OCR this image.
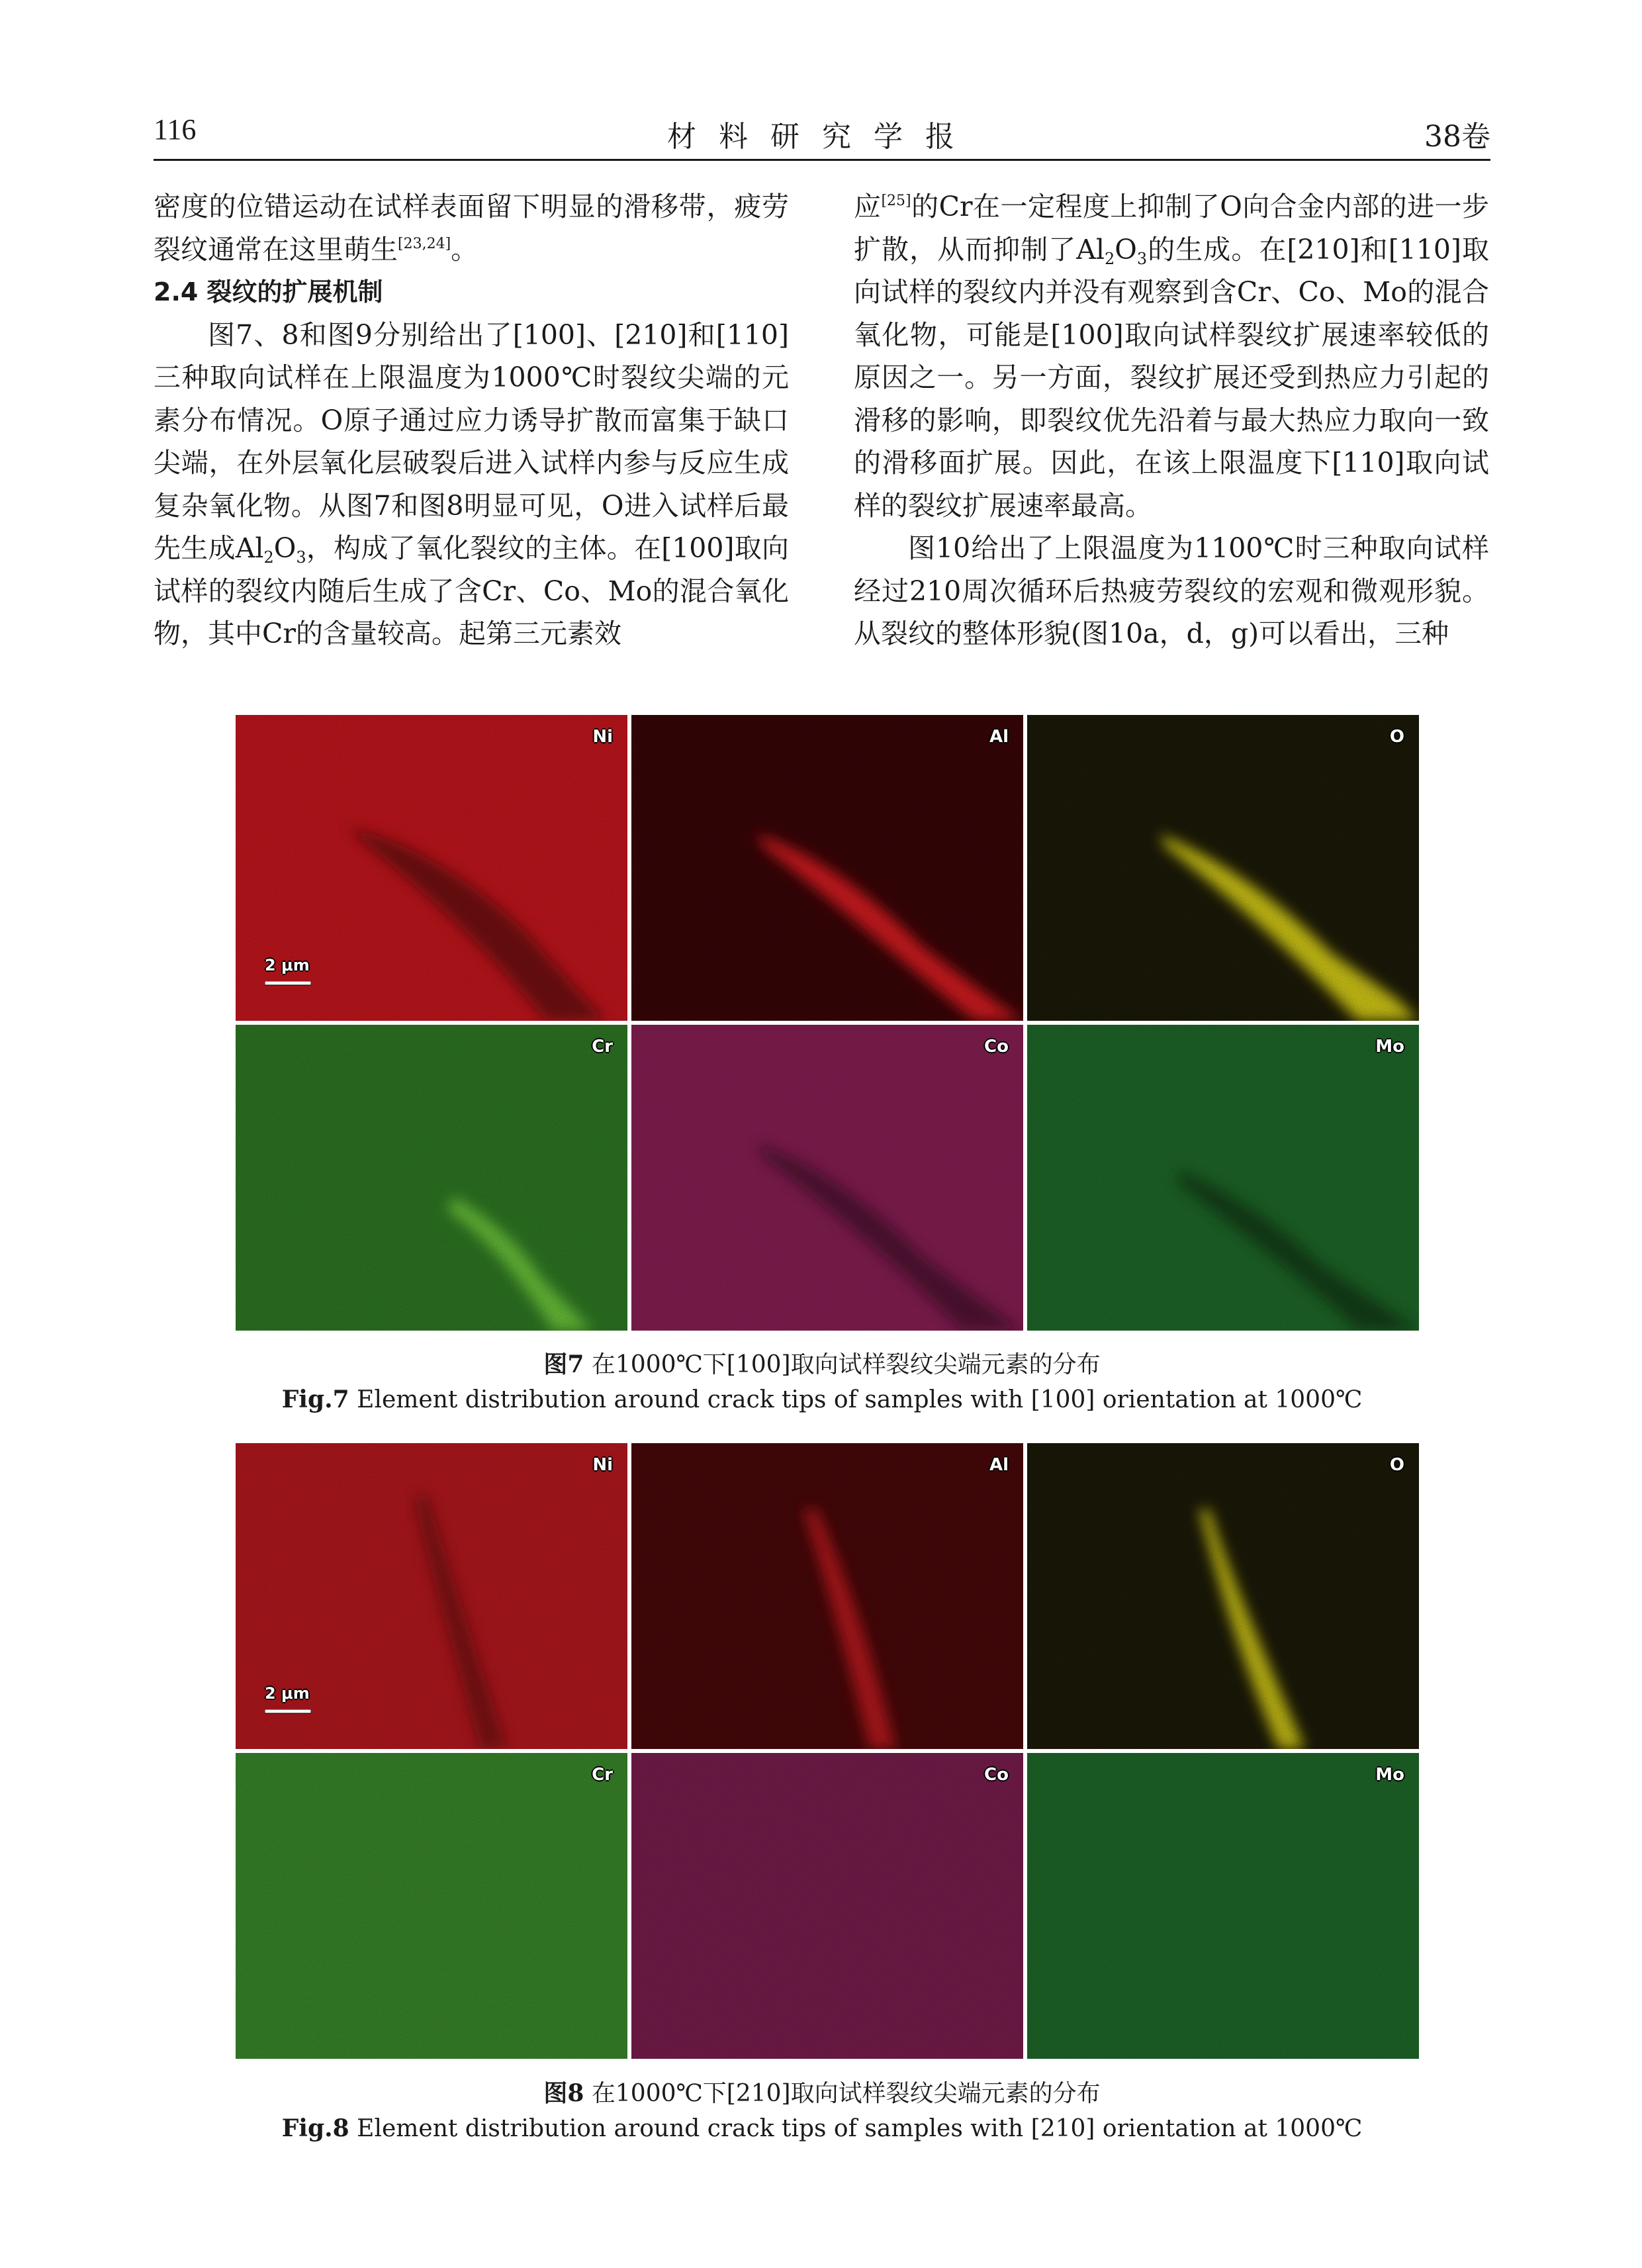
116	材料研究学报	38卷

密度的位错运动在试样表面留下明显的滑移带，疲劳裂纹通常在这里萌生[23,24]。

2.4 裂纹的扩展机制

图7、8和图9分别给出了[100]、[210]和[110]三种取向试样在上限温度为1000℃时裂纹尖端的元素分布情况。O原子通过应力诱导扩散而富集于缺口尖端，在外层氧化层破裂后进入试样内参与反应生成复杂氧化物。从图7和图8明显可见，O进入试样后最先生成$Al_2O_3$，构成了氧化裂纹的主体。在[100]取向试样的裂纹内随后生成了含Cr、Co、Mo的混合氧化物，其中Cr的含量较高。起第三元素效

应[25]的Cr在一定程度上抑制了O向合金内部的进一步扩散，从而抑制了$Al_2O_3$的生成。在[210]和[110]取向试样的裂纹内并没有观察到含Cr、Co、Mo的混合氧化物，可能是[100]取向试样裂纹扩展速率较低的原因之一。另一方面，裂纹扩展还受到热应力引起的滑移的影响，即裂纹优先沿着与最大热应力取向一致的滑移面扩展。因此，在该上限温度下[110]取向试样的裂纹扩展速率最高。

图10给出了上限温度为1100℃时三种取向试样经过210周次循环后热疲劳裂纹的宏观和微观形貌。从裂纹的整体形貌(图10a，d，g)可以看出，三种

Ni
2 μm
Al	O
Cr	Co	Mo
图7 在1000℃下[100]取向试样裂纹尖端元素的分布
Fig.7 Element distribution around crack tips of samples with [100] orientation at 1000℃
Ni
2 μm
Al	O
Cr	Co	Mo
图8 在1000℃下[210]取向试样裂纹尖端元素的分布
Fig.8 Element distribution around crack tips of samples with [210] orientation at 1000℃
